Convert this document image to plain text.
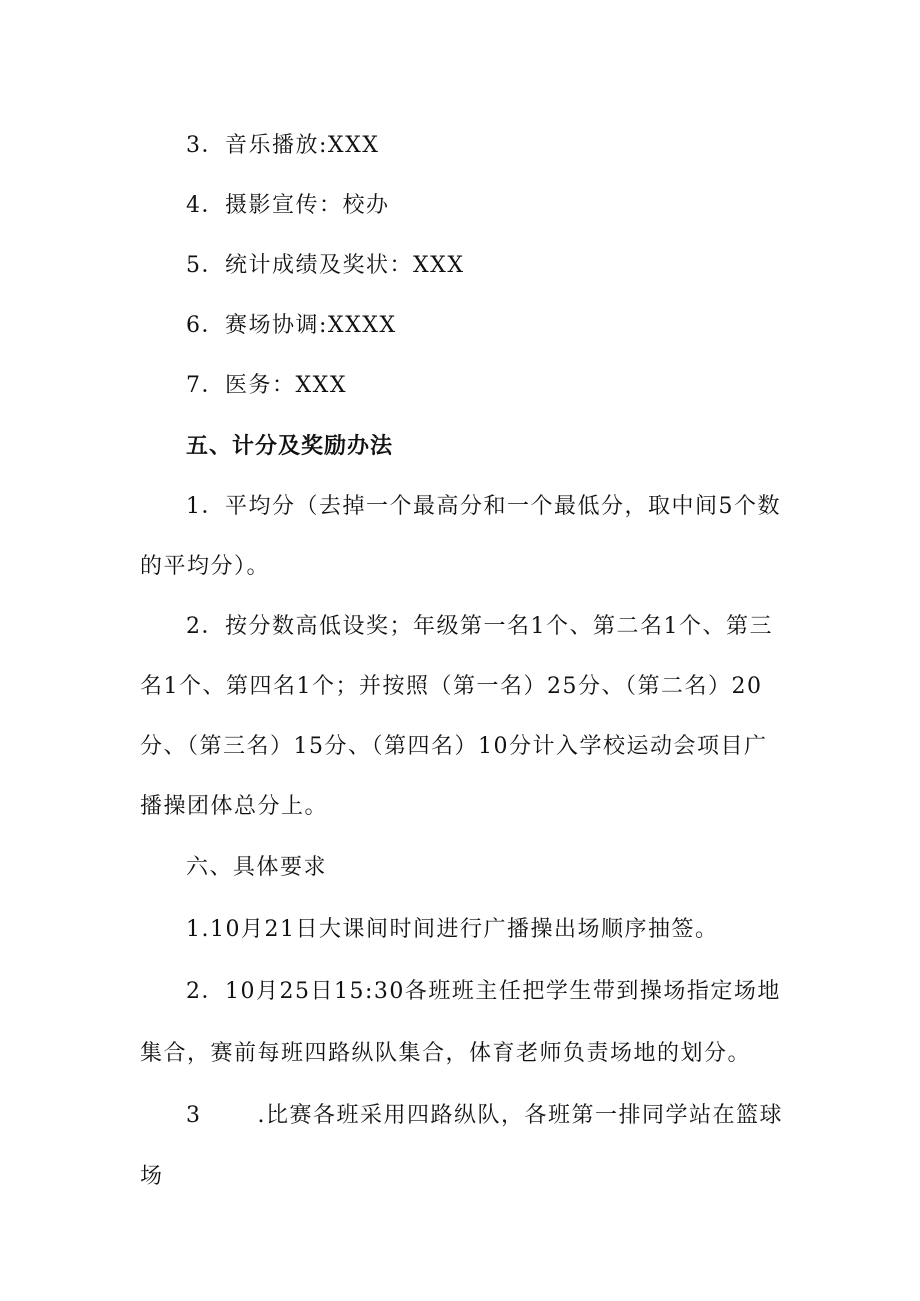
3．音乐播放:XXX
4．摄影宣传：校办
5．统计成绩及奖状：XXX
6．赛场协调:XXXX
7．医务：XXX
五、计分及奖励办法
1．平均分（去掉一个最高分和一个最低分，取中间5个数
的平均分）。
2．按分数高低设奖；年级第一名1个、第二名1个、第三
名1个、第四名1个；并按照（第一名）25分、（第二名）20
分、（第三名）15分、（第四名）10分计入学校运动会项目广
播操团体总分上。
六、具体要求
1.10月21日大课间时间进行广播操出场顺序抽签。
2．10月25日15:30各班班主任把学生带到操场指定场地
集合，赛前每班四路纵队集合，体育老师负责场地的划分。
3	.比赛各班采用四路纵队，各班第一排同学站在篮球
场
